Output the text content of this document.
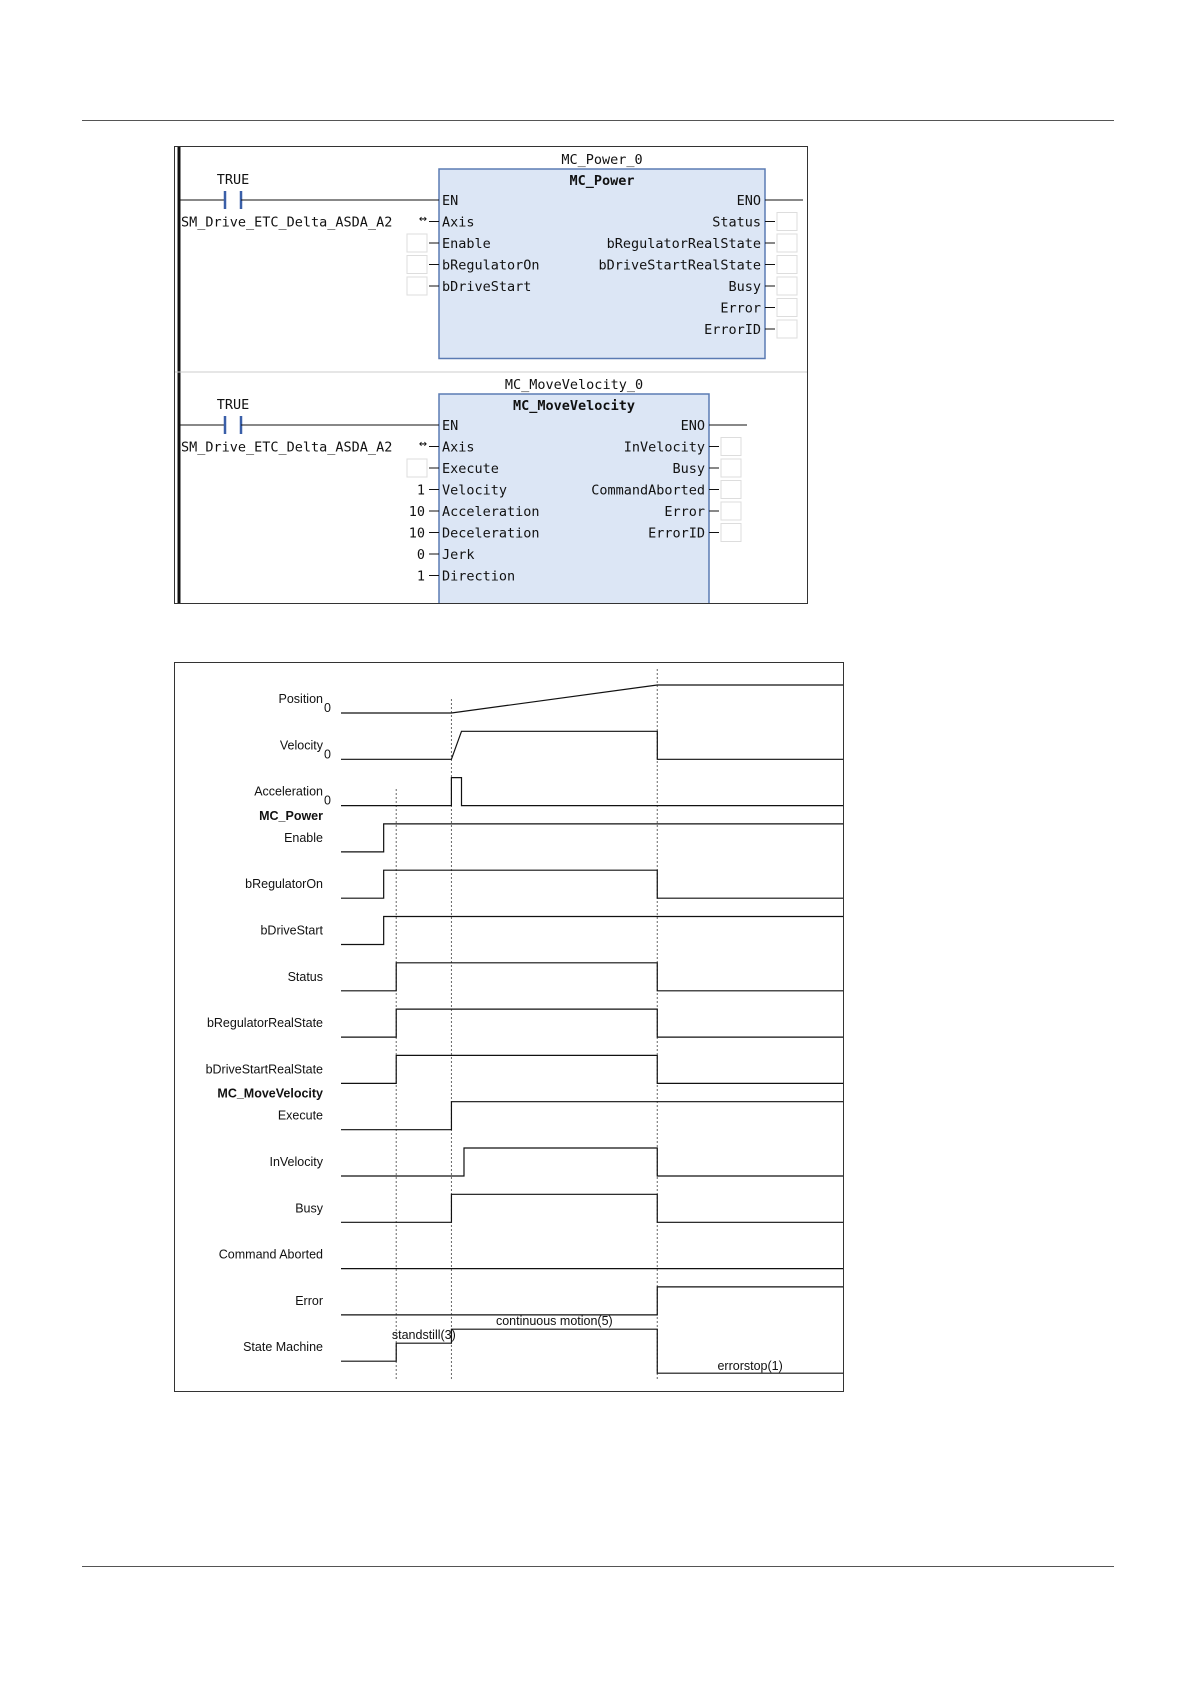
MC_Power_0
MC_Power
TRUE
EN
Axis
SM_Drive_ETC_Delta_ASDA_A2 ↔
Enable
bRegulatorOn
bDriveStart
ENO
Status
bRegulatorRealState
bDriveStartRealState
Busy
Error
ErrorID
MC_MoveVelocity_0
MC_MoveVelocity
TRUE
EN
Axis
SM_Drive_ETC_Delta_ASDA_A2 ↔
Execute
Velocity
1
Acceleration
10
Deceleration
10
Jerk
0
Direction
1
ENO
InVelocity
Busy
CommandAborted
Error
ErrorID
Position
0
Velocity
0
Acceleration
0
MC_Power
Enable
bRegulatorOn
bDriveStart
Status
bRegulatorRealState
bDriveStartRealState
MC_MoveVelocity
Execute
InVelocity
Busy
Command Aborted
Error
State Machine
standstill(3)
continuous motion(5)
errorstop(1)
